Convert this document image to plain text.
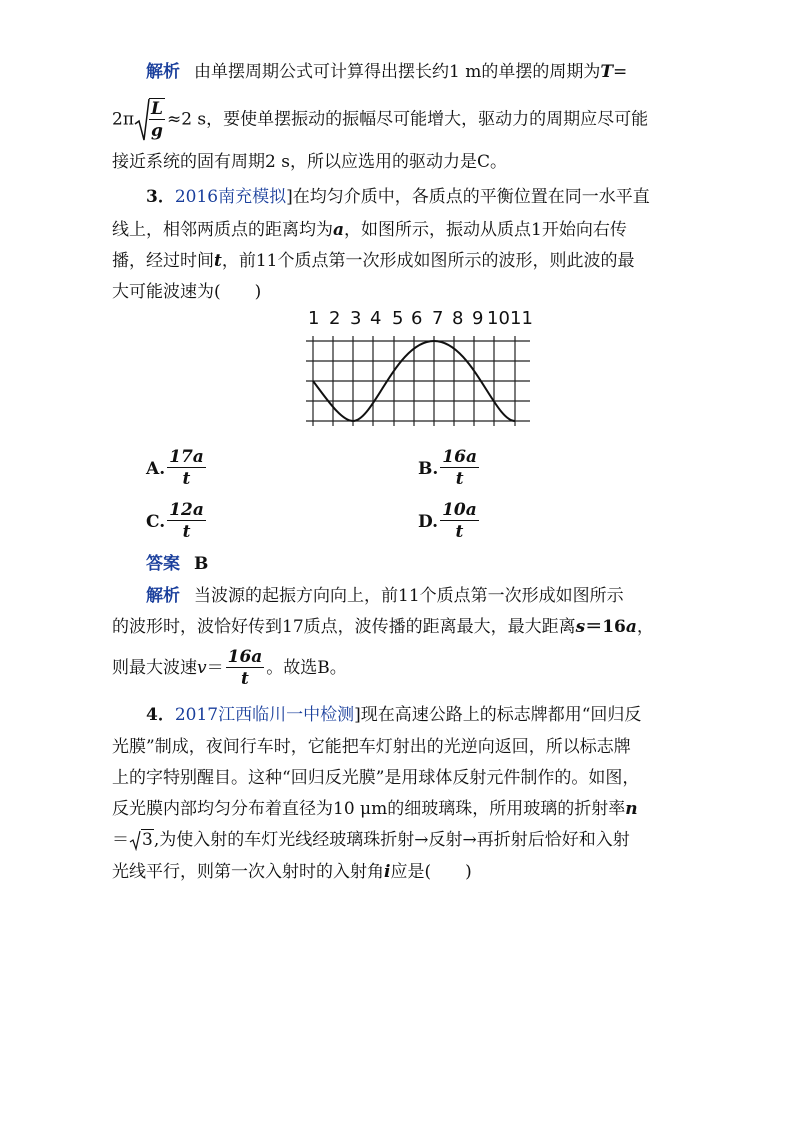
解析 由单摆周期公式可计算得出摆长约1 m的单摆的周期为T=
$2\pi \frac{L}{g} \approx 2$ s，要使单摆振动的振幅尽可能增大，驱动力的周期应尽可能
接近系统的固有周期2 s，所以应选用的驱动力是C。
3．2016南充模拟]在均匀介质中，各质点的平衡位置在同一水平直
线上，相邻两质点的距离均为a，如图所示，振动从质点1开始向右传
播，经过时间t，前11个质点第一次形成如图所示的波形，则此波的最
大可能波速为(　　)
1 2 3 4 5 6 7 8 9 10 11
A. $\frac{17a}{t}$	B. $\frac{16a}{t}$
C. $\frac{12a}{t}$	D. $\frac{10a}{t}$
答案 B
解析 当波源的起振方向向上，前11个质点第一次形成如图所示
的波形时，波恰好传到17质点，波传播的距离最大，最大距离s＝16a，
则最大波速$v= \frac{16a}{t}$ 。故选B。
4．2017江西临川一中检测]现在高速公路上的标志牌都用“回归反
光膜”制成，夜间行车时，它能把车灯射出的光逆向返回，所以标志牌
上的字特别醒目。这种“回归反光膜”是用球体反射元件制作的。如图，
反光膜内部均匀分布着直径为10 μm的细玻璃珠，所用玻璃的折射率n
＝ 3,为使入射的车灯光线经玻璃珠折射→反射→再折射后恰好和入射
光线平行，则第一次入射时的入射角i应是(　　)
